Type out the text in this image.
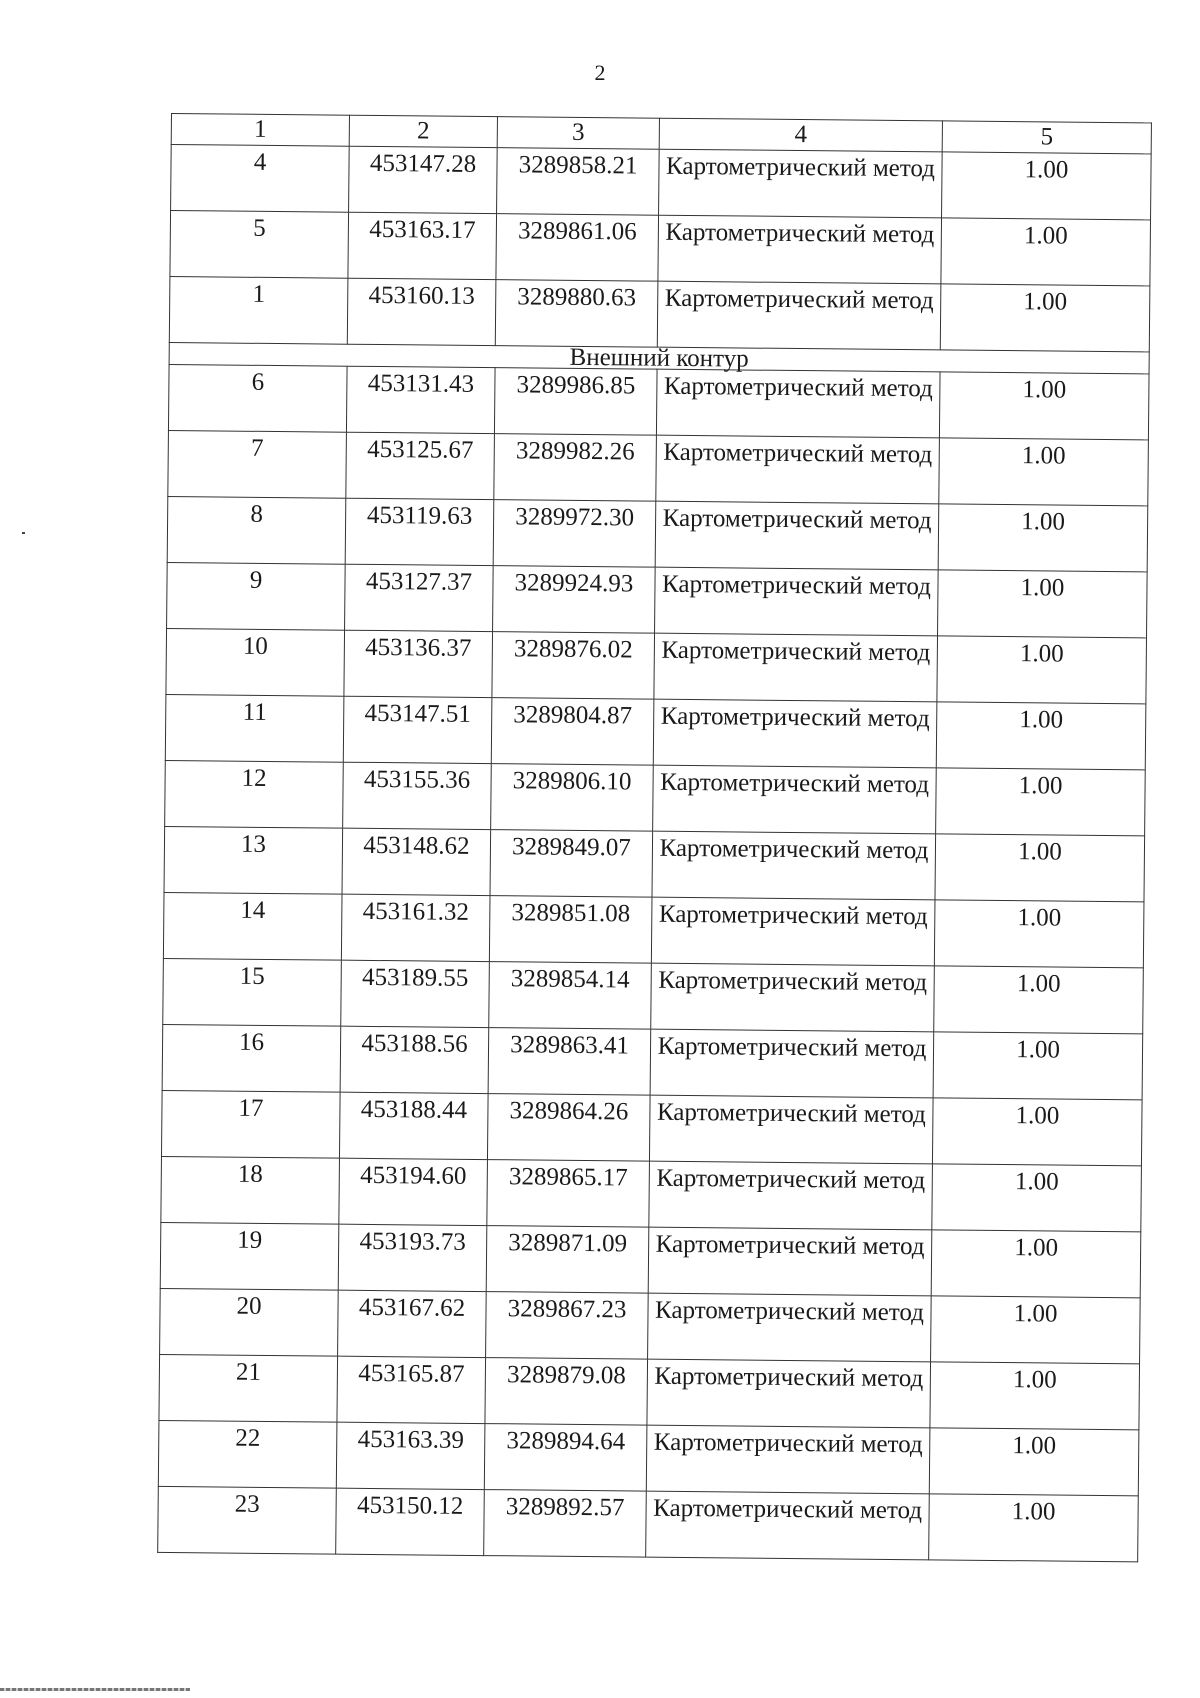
2
1	2	3	4	5
4	453147.28	3289858.21	Картометрический метод	1.00
5	453163.17	3289861.06	Картометрический метод	1.00
1	453160.13	3289880.63	Картометрический метод	1.00
Внешний контур				
6	453131.43	3289986.85	Картометрический метод	1.00
7	453125.67	3289982.26	Картометрический метод	1.00
8	453119.63	3289972.30	Картометрический метод	1.00
9	453127.37	3289924.93	Картометрический метод	1.00
10	453136.37	3289876.02	Картометрический метод	1.00
11	453147.51	3289804.87	Картометрический метод	1.00
12	453155.36	3289806.10	Картометрический метод	1.00
13	453148.62	3289849.07	Картометрический метод	1.00
14	453161.32	3289851.08	Картометрический метод	1.00
15	453189.55	3289854.14	Картометрический метод	1.00
16	453188.56	3289863.41	Картометрический метод	1.00
17	453188.44	3289864.26	Картометрический метод	1.00
18	453194.60	3289865.17	Картометрический метод	1.00
19	453193.73	3289871.09	Картометрический метод	1.00
20	453167.62	3289867.23	Картометрический метод	1.00
21	453165.87	3289879.08	Картометрический метод	1.00
22	453163.39	3289894.64	Картометрический метод	1.00
23	453150.12	3289892.57	Картометрический метод	1.00
